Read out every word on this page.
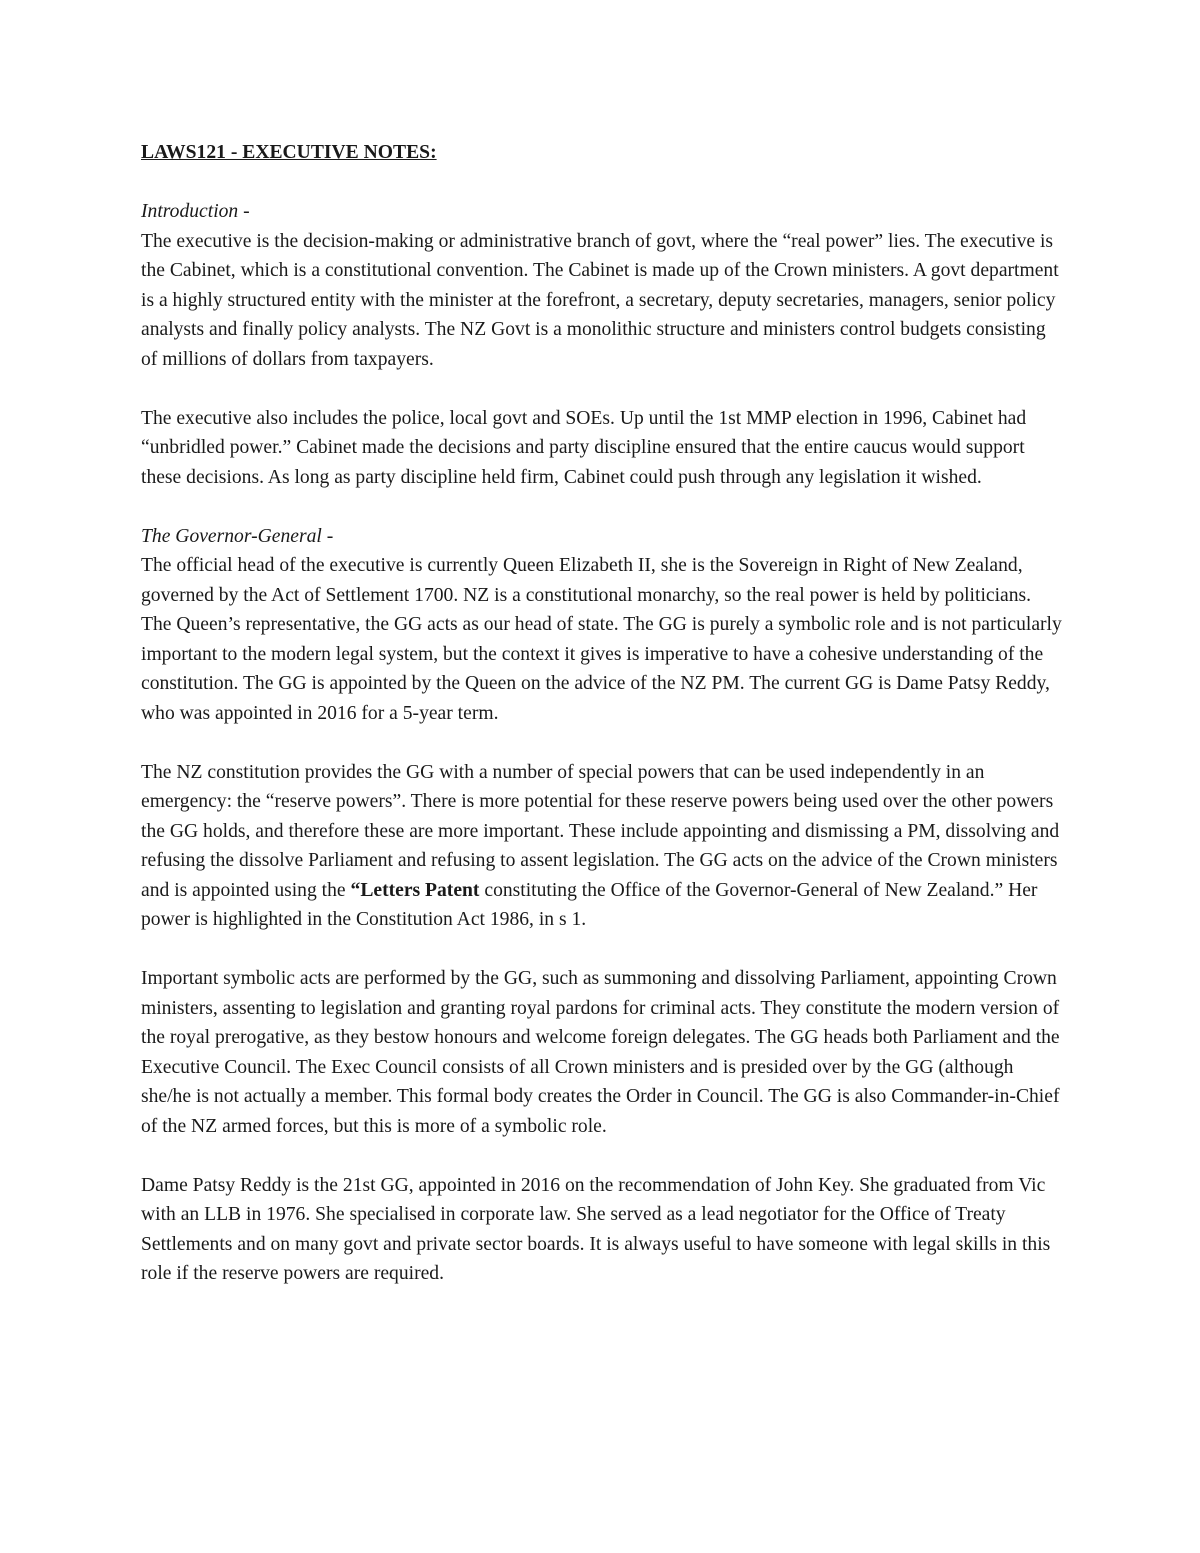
LAWS121 - EXECUTIVE NOTES:
Introduction -

The executive is the decision-making or administrative branch of govt, where the “real power” lies. The executive is the Cabinet, which is a constitutional convention. The Cabinet is made up of the Crown ministers. A govt department is a highly structured entity with the minister at the forefront, a secretary, deputy secretaries, managers, senior policy analysts and finally policy analysts. The NZ Govt is a monolithic structure and ministers control budgets consisting of millions of dollars from taxpayers.

The executive also includes the police, local govt and SOEs. Up until the 1st MMP election in 1996, Cabinet had “unbridled power.” Cabinet made the decisions and party discipline ensured that the entire caucus would support these decisions. As long as party discipline held firm, Cabinet could push through any legislation it wished.

The Governor-General -

The official head of the executive is currently Queen Elizabeth II, she is the Sovereign in Right of New Zealand, governed by the Act of Settlement 1700. NZ is a constitutional monarchy, so the real power is held by politicians. The Queen’s representative, the GG acts as our head of state. The GG is purely a symbolic role and is not particularly important to the modern legal system, but the context it gives is imperative to have a cohesive understanding of the constitution. The GG is appointed by the Queen on the advice of the NZ PM. The current GG is Dame Patsy Reddy, who was appointed in 2016 for a 5-year term.

The NZ constitution provides the GG with a number of special powers that can be used independently in an emergency: the “reserve powers”. There is more potential for these reserve powers being used over the other powers the GG holds, and therefore these are more important. These include appointing and dismissing a PM, dissolving and refusing the dissolve Parliament and refusing to assent legislation. The GG acts on the advice of the Crown ministers and is appointed using the “Letters Patent constituting the Office of the Governor-General of New Zealand.” Her power is highlighted in the Constitution Act 1986, in s 1.

Important symbolic acts are performed by the GG, such as summoning and dissolving Parliament, appointing Crown ministers, assenting to legislation and granting royal pardons for criminal acts. They constitute the modern version of the royal prerogative, as they bestow honours and welcome foreign delegates. The GG heads both Parliament and the Executive Council. The Exec Council consists of all Crown ministers and is presided over by the GG (although she/he is not actually a member. This formal body creates the Order in Council. The GG is also Commander-in-Chief of the NZ armed forces, but this is more of a symbolic role.

Dame Patsy Reddy is the 21st GG, appointed in 2016 on the recommendation of John Key. She graduated from Vic with an LLB in 1976. She specialised in corporate law. She served as a lead negotiator for the Office of Treaty Settlements and on many govt and private sector boards. It is always useful to have someone with legal skills in this role if the reserve powers are required.
